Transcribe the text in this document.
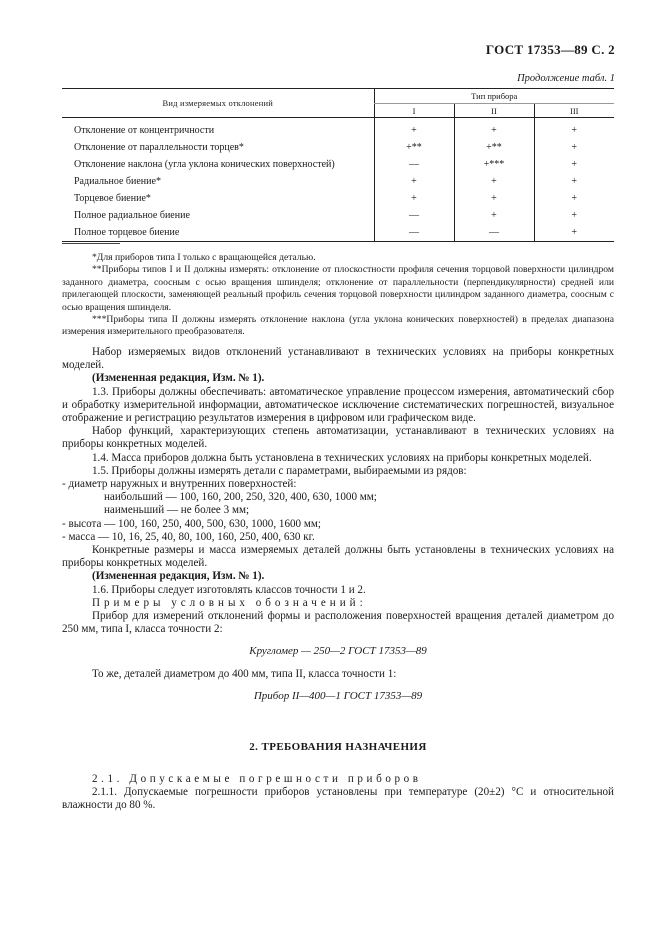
ГОСТ 17353—89 С. 2
Продолжение табл. 1
Вид измеряемых отклонений	Тип прибора		
	I	II	III

Отклонение от концентричности	+	+	+
Отклонение от параллельности торцев*	+**	+**	+
Отклонение наклона (угла уклона конических поверхностей)	—	+***	+
Радиальное биение*	+	+	+
Торцевое биение*	+	+	+
Полное радиальное биение	—	+	+
Полное торцевое биение	—	—	+

*Для приборов типа I только с вращающейся деталью.

**Приборы типов I и II должны измерять: отклонение от плоскостности профиля сечения торцовой поверхности цилиндром заданного диаметра, соосным с осью вращения шпинделя; отклонение от параллельности (перпендикулярности) средней или прилегающей плоскости, заменяющей реальный профиль сечения торцовой поверхности цилиндром заданного диаметра, соосным с осью вращения шпинделя.

***Приборы типа II должны измерять отклонение наклона (угла уклона конических поверхностей) в пределах диапазона измерения измерительного преобразователя.

Набор измеряемых видов отклонений устанавливают в технических условиях на приборы конкретных моделей.

(Измененная редакция, Изм. № 1).

1.3. Приборы должны обеспечивать: автоматическое управление процессом измерения, автоматический сбор и обработку измерительной информации, автоматическое исключение систематических погрешностей, визуальное отображение и регистрацию результатов измерения в цифровом или графическом виде.

Набор функций, характеризующих степень автоматизации, устанавливают в технических условиях на приборы конкретных моделей.

1.4. Масса приборов должна быть установлена в технических условиях на приборы конкретных моделей.

1.5. Приборы должны измерять детали с параметрами, выбираемыми из рядов:

- диаметр наружных и внутренних поверхностей:

наибольший — 100, 160, 200, 250, 320, 400, 630, 1000 мм;

наименьший — не более 3 мм;

- высота — 100, 160, 250, 400, 500, 630, 1000, 1600 мм;

- масса — 10, 16, 25, 40, 80, 100, 160, 250, 400, 630 кг.

Конкретные размеры и масса измеряемых деталей должны быть установлены в технических условиях на приборы конкретных моделей.

(Измененная редакция, Изм. № 1).

1.6. Приборы следует изготовлять классов точности 1 и 2.

Примеры условных обозначений:

Прибор для измерений отклонений формы и расположения поверхностей вращения деталей диаметром до 250 мм, типа I, класса точности 2:

Кругломер — 250—2 ГОСТ 17353—89

То же, деталей диаметром до 400 мм, типа II, класса точности 1:

Прибор II—400—1 ГОСТ 17353—89

2. ТРЕБОВАНИЯ НАЗНАЧЕНИЯ

2.1. Допускаемые погрешности приборов

2.1.1. Допускаемые погрешности приборов установлены при температуре (20±2) °С и относительной влажности до 80 %.
